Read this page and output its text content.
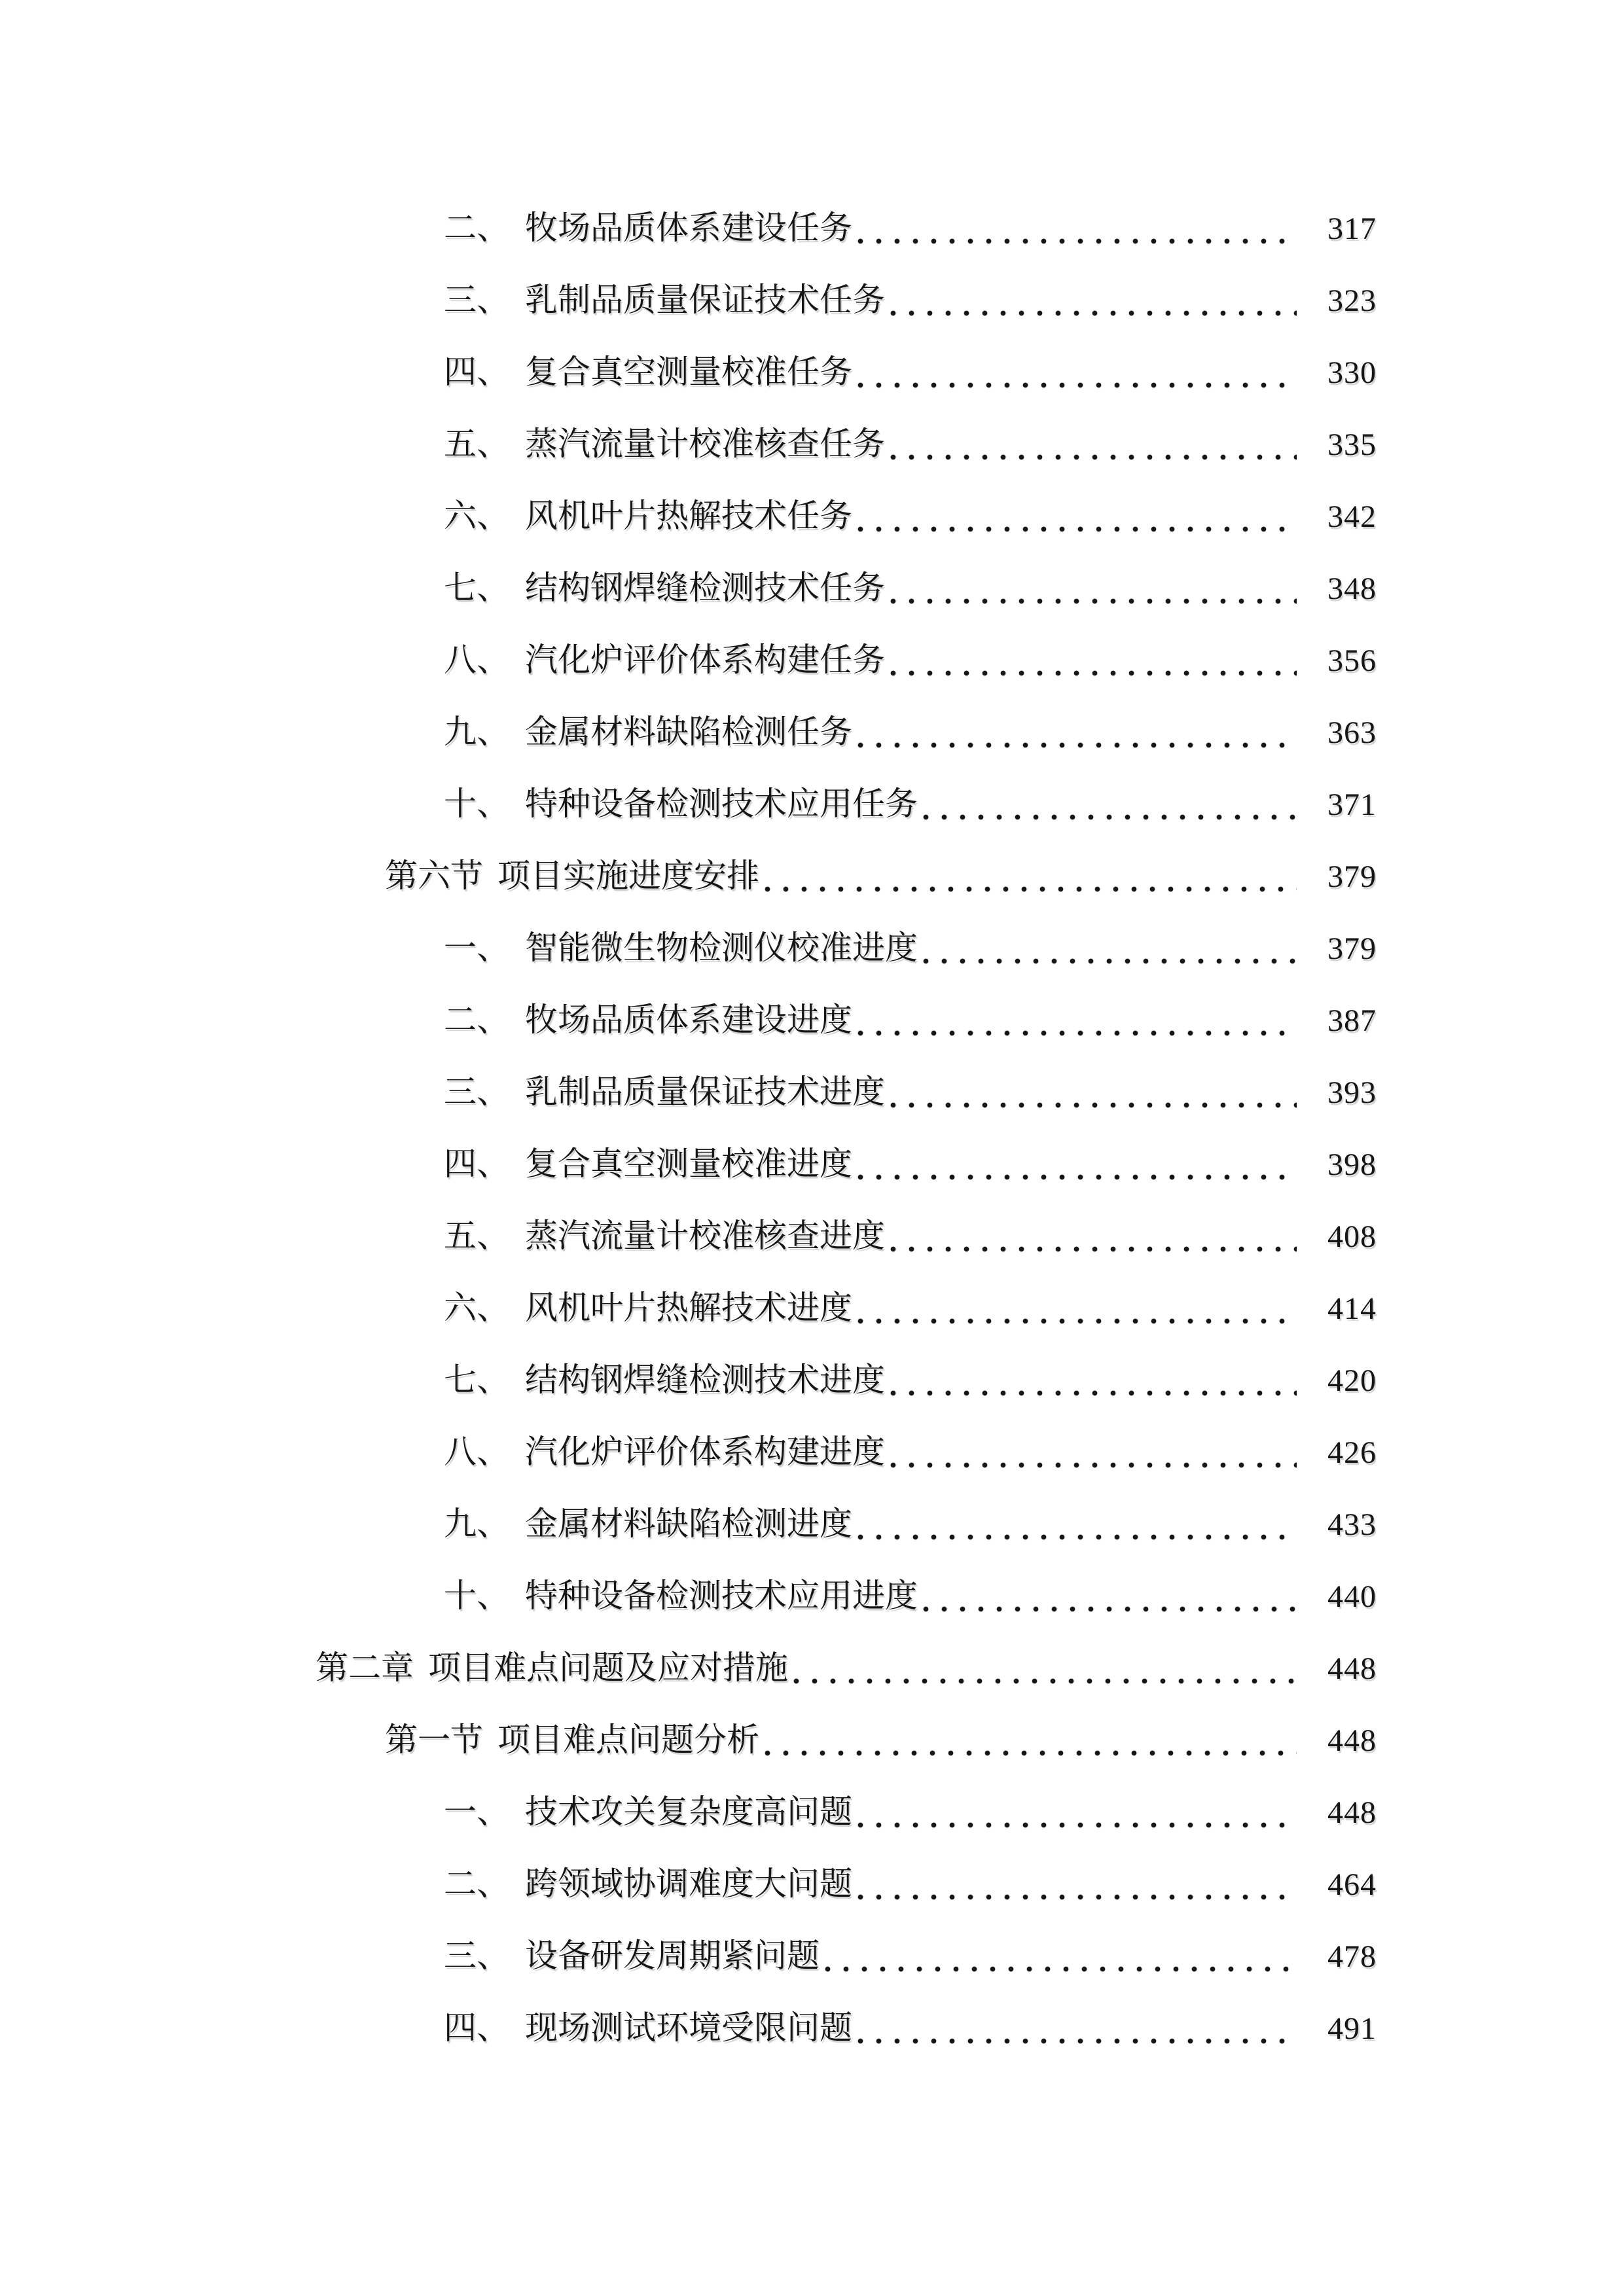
二、 牧场品质体系建设任务	317
三、 乳制品质量保证技术任务	323
四、 复合真空测量校准任务	330
五、 蒸汽流量计校准核查任务	335
六、 风机叶片热解技术任务	342
七、 结构钢焊缝检测技术任务	348
八、 汽化炉评价体系构建任务	356
九、 金属材料缺陷检测任务	363
十、 特种设备检测技术应用任务	371
第六节 项目实施进度安排	379
一、 智能微生物检测仪校准进度	379
二、 牧场品质体系建设进度	387
三、 乳制品质量保证技术进度	393
四、 复合真空测量校准进度	398
五、 蒸汽流量计校准核查进度	408
六、 风机叶片热解技术进度	414
七、 结构钢焊缝检测技术进度	420
八、 汽化炉评价体系构建进度	426
九、 金属材料缺陷检测进度	433
十、 特种设备检测技术应用进度	440
第二章 项目难点问题及应对措施	448
第一节 项目难点问题分析	448
一、 技术攻关复杂度高问题	448
二、 跨领域协调难度大问题	464
三、 设备研发周期紧问题	478
四、 现场测试环境受限问题	491
